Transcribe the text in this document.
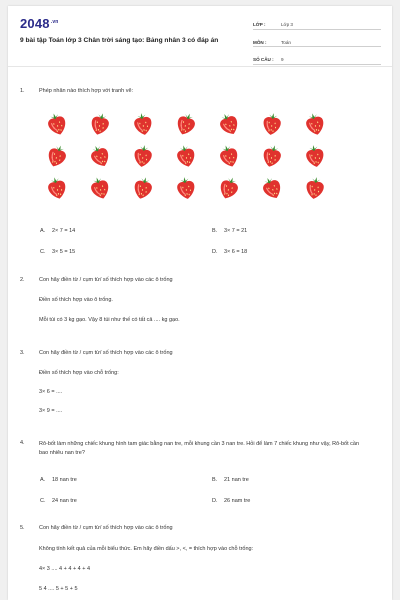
$2048^{.vn}$
9 bài tập Toán lớp 3 Chân trời sáng tạo: Bảng nhân 3 có đáp án
LỚP :	Lớp 3
MÔN :	Toán
SỐ CÂU :	9
1.	Phép nhân nào thích hợp với tranh vẽ:
A. 2× 7 = 14	B. 3× 7 = 21
C. 3× 5 = 15	D. 3× 6 = 18
2.	Con hãy điền từ / cụm từ/ số thích hợp vào các ô trống
Điền số thích hợp vào ô trống.
Mỗi túi có 3 kg gạo. Vậy 8 túi như thế có tất cả .... kg gạo.
3.	Con hãy điền từ / cụm từ/ số thích hợp vào các ô trống
Điền số thích hợp vào chỗ trống:
3× 6 = ....
3× 9 = ....
4.	Rô-bốt làm những chiếc khung hình tam giác bằng nan tre, mỗi khung cần 3 nan tre. Hỏi để làm 7 chiếc khung như vậy, Rô-bốt cần bao nhiêu nan tre?
A. 18 nan tre	B. 21 nan tre
C. 24 nan tre	D. 26 nam tre
5.	Con hãy điền từ / cụm từ/ số thích hợp vào các ô trống
Không tính kết quả của mỗi biểu thức. Em hãy điền dấu >, <, = thích hợp vào chỗ trống:
4× 3 .... 4 + 4 + 4 + 4
5 4 .... 5 + 5 + 5
